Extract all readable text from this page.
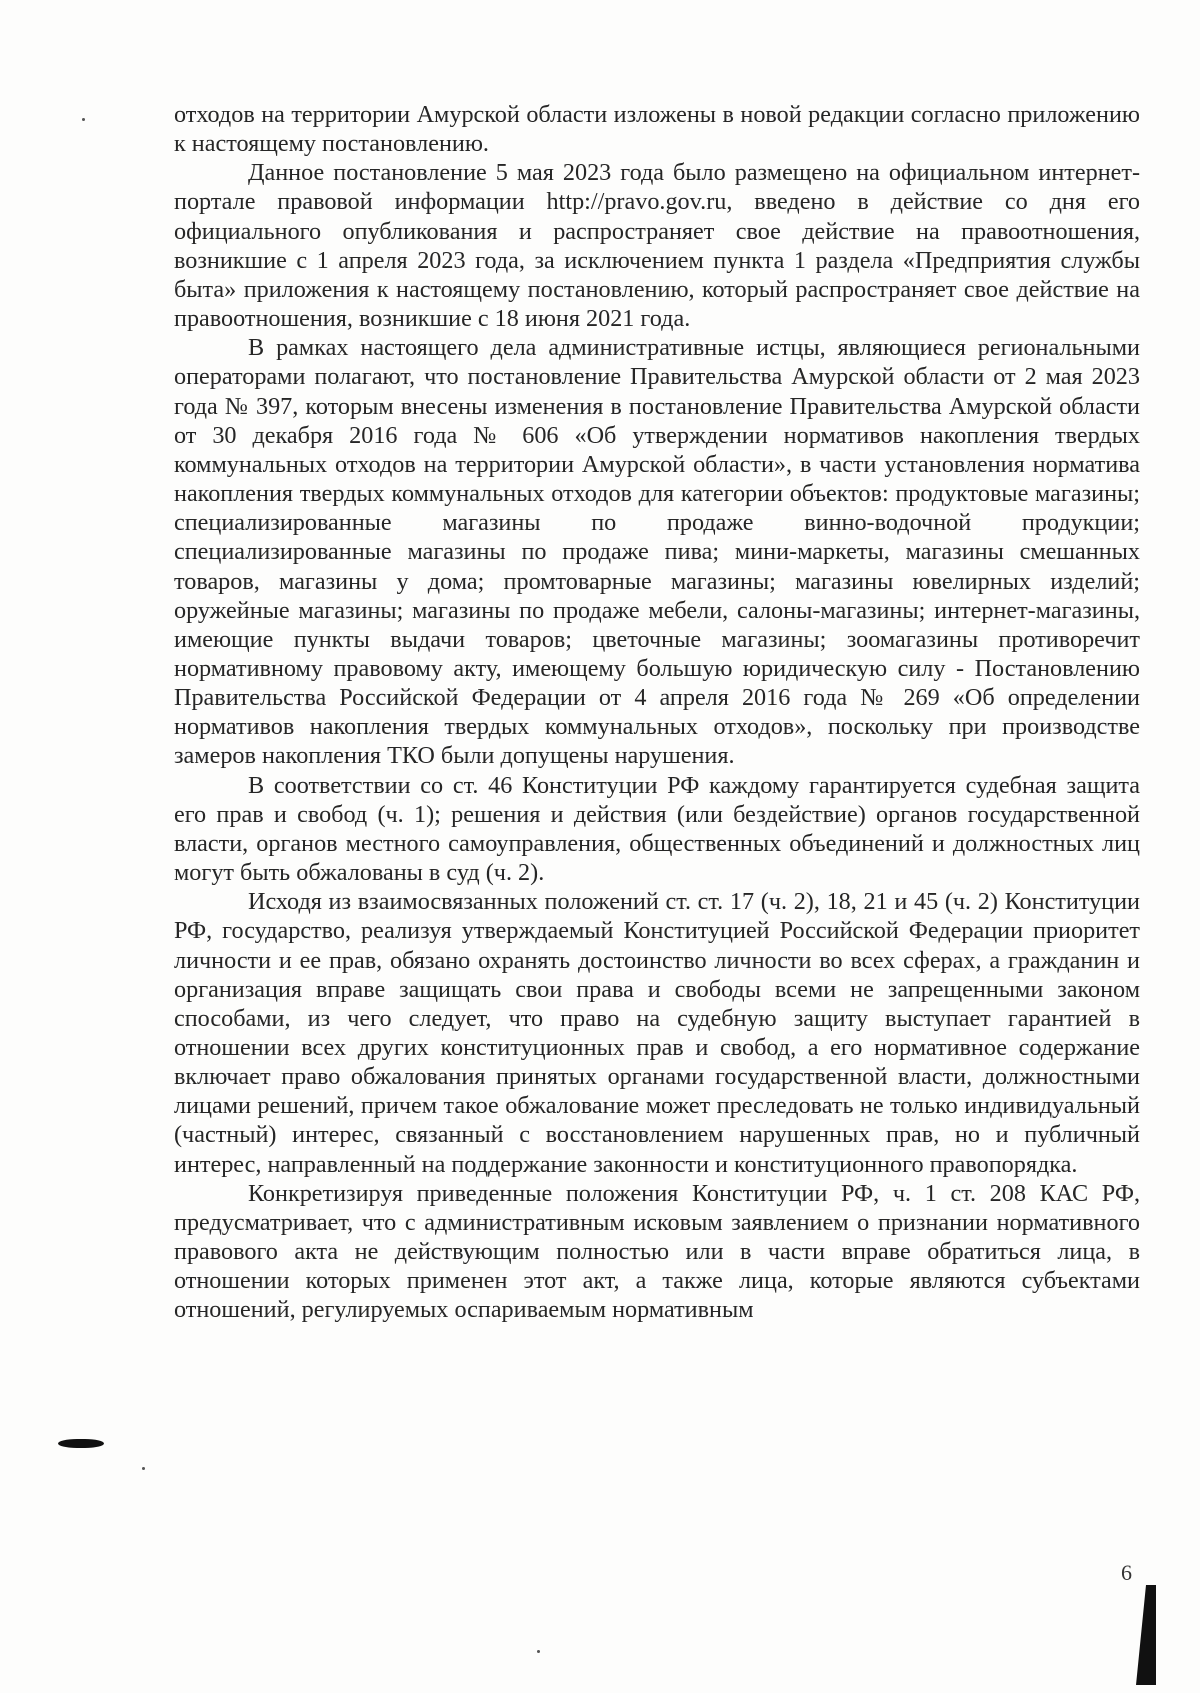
отходов на территории Амурской области изложены в новой редакции согласно приложению к настоящему постановлению.

Данное постановление 5 мая 2023 года было размещено на официальном интернет-портале правовой информации http://pravo.gov.ru, введено в действие со дня его официального опубликования и распространяет свое действие на правоотношения, возникшие с 1 апреля 2023 года, за исключением пункта 1 раздела «Предприятия службы быта» приложения к настоящему постановлению, который распространяет свое действие на правоотношения, возникшие с 18 июня 2021 года.

В рамках настоящего дела административные истцы, являющиеся региональными операторами полагают, что постановление Правительства Амурской области от 2 мая 2023 года № 397, которым внесены изменения в постановление Правительства Амурской области от 30 декабря 2016 года № 606 «Об утверждении нормативов накопления твердых коммунальных отходов на территории Амурской области», в части установления норматива накопления твердых коммунальных отходов для категории объектов: продуктовые магазины; специализированные магазины по продаже винно-водочной продукции; специализированные магазины по продаже пива; мини-маркеты, магазины смешанных товаров, магазины у дома; промтоварные магазины; магазины ювелирных изделий; оружейные магазины; магазины по продаже мебели, салоны-магазины; интернет-магазины, имеющие пункты выдачи товаров; цветочные магазины; зоомагазины противоречит нормативному правовому акту, имеющему большую юридическую силу - Постановлению Правительства Российской Федерации от 4 апреля 2016 года № 269 «Об определении нормативов накопления твердых коммунальных отходов», поскольку при производстве замеров накопления ТКО были допущены нарушения.

В соответствии со ст. 46 Конституции РФ каждому гарантируется судебная защита его прав и свобод (ч. 1); решения и действия (или бездействие) органов государственной власти, органов местного самоуправления, общественных объединений и должностных лиц могут быть обжалованы в суд (ч. 2).

Исходя из взаимосвязанных положений ст. ст. 17 (ч. 2), 18, 21 и 45 (ч. 2) Конституции РФ, государство, реализуя утверждаемый Конституцией Российской Федерации приоритет личности и ее прав, обязано охранять достоинство личности во всех сферах, а гражданин и организация вправе защищать свои права и свободы всеми не запрещенными законом способами, из чего следует, что право на судебную защиту выступает гарантией в отношении всех других конституционных прав и свобод, а его нормативное содержание включает право обжалования принятых органами государственной власти, должностными лицами решений, причем такое обжалование может преследовать не только индивидуальный (частный) интерес, связанный с восстановлением нарушенных прав, но и публичный интерес, направленный на поддержание законности и конституционного правопорядка.

Конкретизируя приведенные положения Конституции РФ, ч. 1 ст. 208 КАС РФ, предусматривает, что с административным исковым заявлением о признании нормативного правового акта не действующим полностью или в части вправе обратиться лица, в отношении которых применен этот акт, а также лица, которые являются субъектами отношений, регулируемых оспариваемым нормативным

6
